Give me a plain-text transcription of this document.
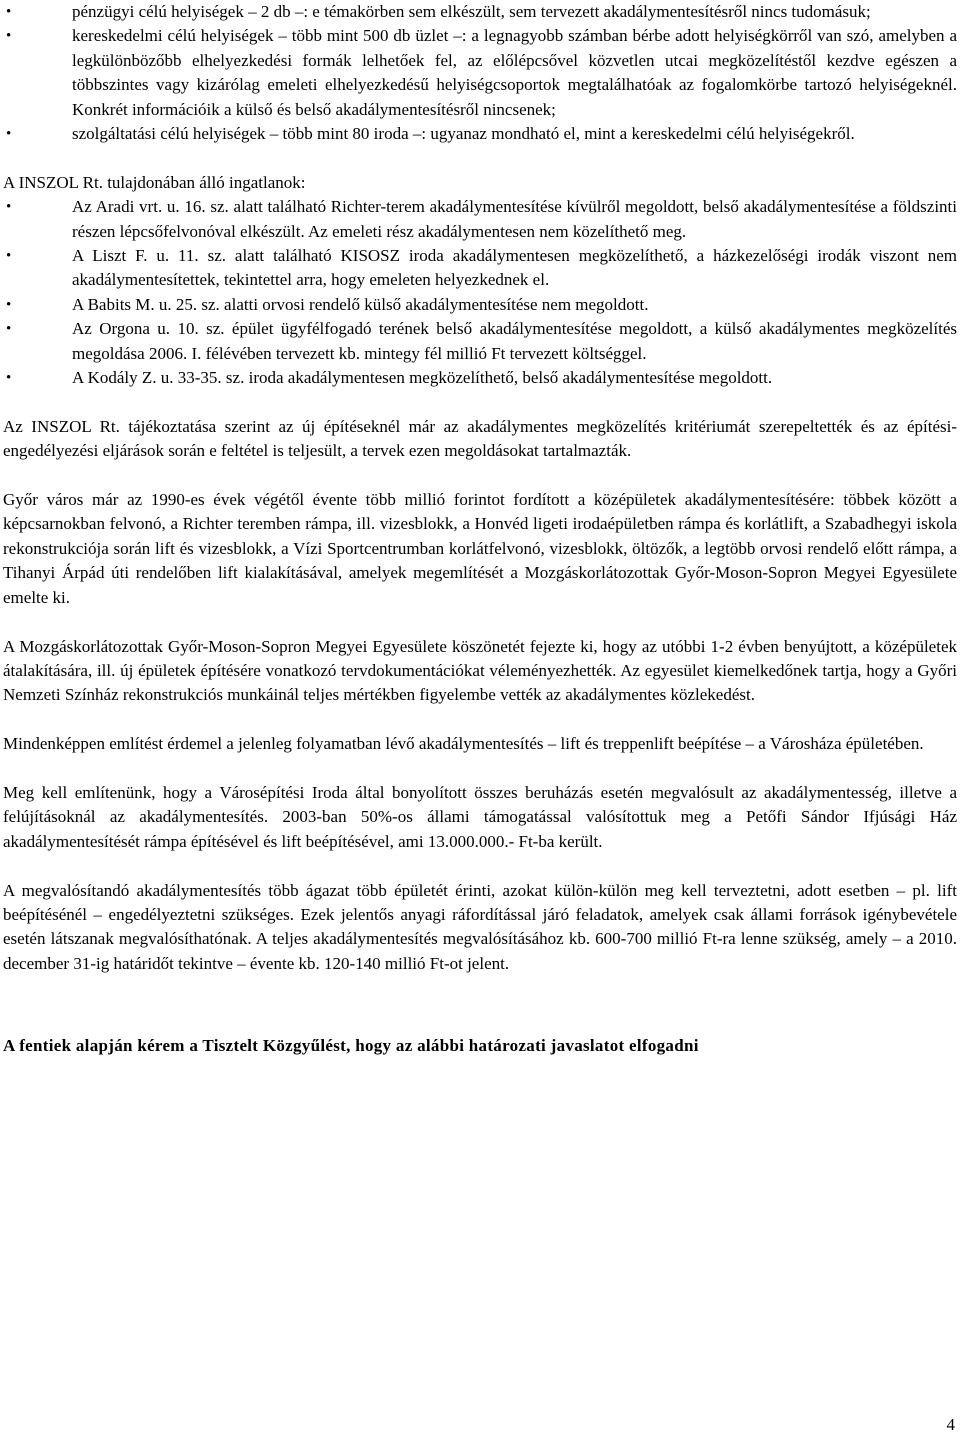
•	pénzügyi célú helyiségek – 2 db –: e témakörben sem elkészült, sem tervezett akadálymentesítésről nincs tudomásuk;
•	kereskedelmi célú helyiségek – több mint 500 db üzlet –: a legnagyobb számban bérbe adott helyiségkörről van szó, amelyben a legkülönbözőbb elhelyezkedési formák lelhetőek fel, az előlépcsővel közvetlen utcai megközelítéstől kezdve egészen a többszintes vagy kizárólag emeleti elhelyezkedésű helyiségcsoportok megtalálhatóak az fogalomkörbe tartozó helyiségeknél. Konkrét információik a külső és belső akadálymentesítésről nincsenek;
•	szolgáltatási célú helyiségek – több mint 80 iroda –: ugyanaz mondható el, mint a kereskedelmi célú helyiségekről.

A INSZOL Rt. tulajdonában álló ingatlanok:

•	Az Aradi vrt. u. 16. sz. alatt található Richter-terem akadálymentesítése kívülről megoldott, belső akadálymentesítése a földszinti részen lépcsőfelvonóval elkészült. Az emeleti rész akadálymentesen nem közelíthető meg.
•	A Liszt F. u. 11. sz. alatt található KISOSZ iroda akadálymentesen megközelíthető, a házkezelőségi irodák viszont nem akadálymentesítettek, tekintettel arra, hogy emeleten helyezkednek el.
•	A Babits M. u. 25. sz. alatti orvosi rendelő külső akadálymentesítése nem megoldott.
•	Az Orgona u. 10. sz. épület ügyfélfogadó terének belső akadálymentesítése megoldott, a külső akadálymentes megközelítés megoldása 2006. I. félévében tervezett kb. mintegy fél millió Ft tervezett költséggel.
•	A Kodály Z. u. 33-35. sz. iroda akadálymentesen megközelíthető, belső akadálymentesítése megoldott.

Az INSZOL Rt. tájékoztatása szerint az új építéseknél már az akadálymentes megközelítés kritériumát szerepeltették és az építési-engedélyezési eljárások során e feltétel is teljesült, a tervek ezen megoldásokat tartalmazták.

Győr város már az 1990-es évek végétől évente több millió forintot fordított a középületek akadálymentesítésére: többek között a képcsarnokban felvonó, a Richter teremben rámpa, ill. vizesblokk, a Honvéd ligeti irodaépületben rámpa és korlátlift, a Szabadhegyi iskola rekonstrukciója során lift és vizesblokk, a Vízi Sportcentrumban korlátfelvonó, vizesblokk, öltözők, a legtöbb orvosi rendelő előtt rámpa, a Tihanyi Árpád úti rendelőben lift kialakításával, amelyek megemlítését a Mozgáskorlátozottak Győr-Moson-Sopron Megyei Egyesülete emelte ki.

A Mozgáskorlátozottak Győr-Moson-Sopron Megyei Egyesülete köszönetét fejezte ki, hogy az utóbbi 1-2 évben benyújtott, a középületek átalakítására, ill. új épületek építésére vonatkozó tervdokumentációkat véleményezhették. Az egyesület kiemelkedőnek tartja, hogy a Győri Nemzeti Színház rekonstrukciós munkáinál teljes mértékben figyelembe vették az akadálymentes közlekedést.

Mindenképpen említést érdemel a jelenleg folyamatban lévő akadálymentesítés – lift és treppenlift beépítése – a Városháza épületében.

Meg kell említenünk, hogy a Városépítési Iroda által bonyolított összes beruházás esetén megvalósult az akadálymentesség, illetve a felújításoknál az akadálymentesítés. 2003-ban 50%-os állami támogatással valósítottuk meg a Petőfi Sándor Ifjúsági Ház akadálymentesítését rámpa építésével és lift beépítésével, ami 13.000.000.- Ft-ba került.

A megvalósítandó akadálymentesítés több ágazat több épületét érinti, azokat külön-külön meg kell terveztetni, adott esetben – pl. lift beépítésénél – engedélyeztetni szükséges. Ezek jelentős anyagi ráfordítással járó feladatok, amelyek csak állami források igénybevétele esetén látszanak megvalósíthatónak. A teljes akadálymentesítés megvalósításához kb. 600-700 millió Ft-ra lenne szükség, amely – a 2010. december 31-ig határidőt tekintve – évente kb. 120-140 millió Ft-ot jelent.

A fentiek alapján kérem a Tisztelt Közgyűlést, hogy az alábbi határozati javaslatot elfogadni

4
